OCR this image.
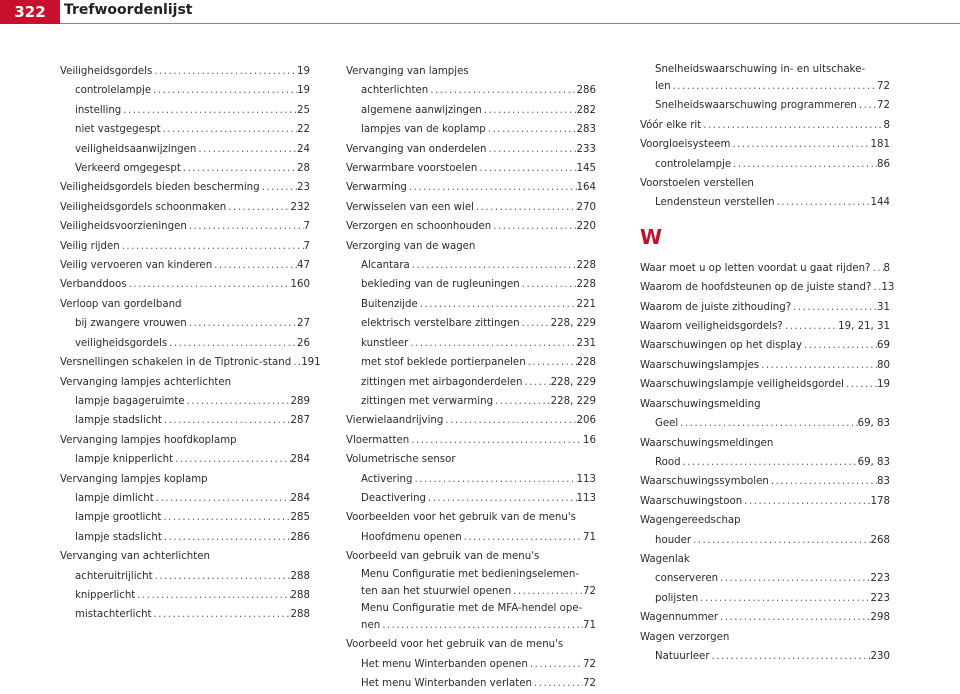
322	Trefwoordenlijst
Veiligheidsgordels .....	19
controlelampje .....	19
instelling .....	25
niet vastgegespt .....	22
veiligheidsaanwijzingen .....	24
Verkeerd omgegespt .....	28
Veiligheidsgordels bieden bescherming .....	23
Veiligheidsgordels schoonmaken .....	232
Veiligheidsvoorzieningen .....	7
Veilig rijden .....	7
Veilig vervoeren van kinderen .....	47
Verbanddoos .....	160
Verloop van gordelband
bij zwangere vrouwen .....	27
veiligheidsgordels .....	26
Versnellingen schakelen in de Tiptronic-stand ..... 191
Vervanging lampjes achterlichten
lampje bagageruimte .....	289
lampje stadslicht .....	287
Vervanging lampjes hoofdkoplamp
lampje knipperlicht .....	284
Vervanging lampjes koplamp
lampje dimlicht .....	284
lampje grootlicht .....	285
lampje stadslicht .....	286
Vervanging van achterlichten
achteruitrijlicht .....	288
knipperlicht .....	288
mistachterlicht .....	288
Vervanging van lampjes
achterlichten .....	286
algemene aanwijzingen .....	282
lampjes van de koplamp .....	283
Vervanging van onderdelen .....	233
Verwarmbare voorstoelen .....	145
Verwarming .....	164
Verwisselen van een wiel .....	270
Verzorgen en schoonhouden .....	220
Verzorging van de wagen
Alcantara .....	228
bekleding van de rugleuningen .....	228
Buitenzijde .....	221
elektrisch verstelbare zittingen .....	228, 229
kunstleer .....	231
met stof beklede portierpanelen .....	228
zittingen met airbagonderdelen .....	228, 229
zittingen met verwarming .....	228, 229
Vierwielaandrijving .....	206
Vloermatten .....	16
Volumetrische sensor
Activering .....	113
Deactivering .....	113
Voorbeelden voor het gebruik van de menu's
Hoofdmenu openen .....	71
Voorbeeld van gebruik van de menu's
Menu Configuratie met bedieningselemen-
ten aan het stuurwiel openen .....	72
Menu Configuratie met de MFA-hendel ope-
nen .....	71
Voorbeeld voor het gebruik van de menu's
Het menu Winterbanden openen .....	72
Het menu Winterbanden verlaten .....	72
Snelheidswaarschuwing in- en uitschake-
len .....	72
Snelheidswaarschuwing programmeren ..... 72
Vóór elke rit .....	8
Voorgloeisysteem .....	181
controlelampje .....	86
Voorstoelen verstellen
Lendensteun verstellen .....	144
W
Waar moet u op letten voordat u gaat rijden? ..... 8
Waarom de hoofdsteunen op de juiste stand? ..... 13
Waarom de juiste zithouding? .....	31
Waarom veiligheidsgordels? .....	19, 21, 31
Waarschuwingen op het display .....	69
Waarschuwingslampjes .....	80
Waarschuwingslampje veiligheidsgordel .....	19
Waarschuwingsmelding
Geel .....	69, 83
Waarschuwingsmeldingen
Rood .....	69, 83
Waarschuwingssymbolen .....	83
Waarschuwingstoon .....	178
Wagengereedschap
houder .....	268
Wagenlak
conserveren .....	223
polijsten .....	223
Wagennummer .....	298
Wagen verzorgen
Natuurleer .....	230
